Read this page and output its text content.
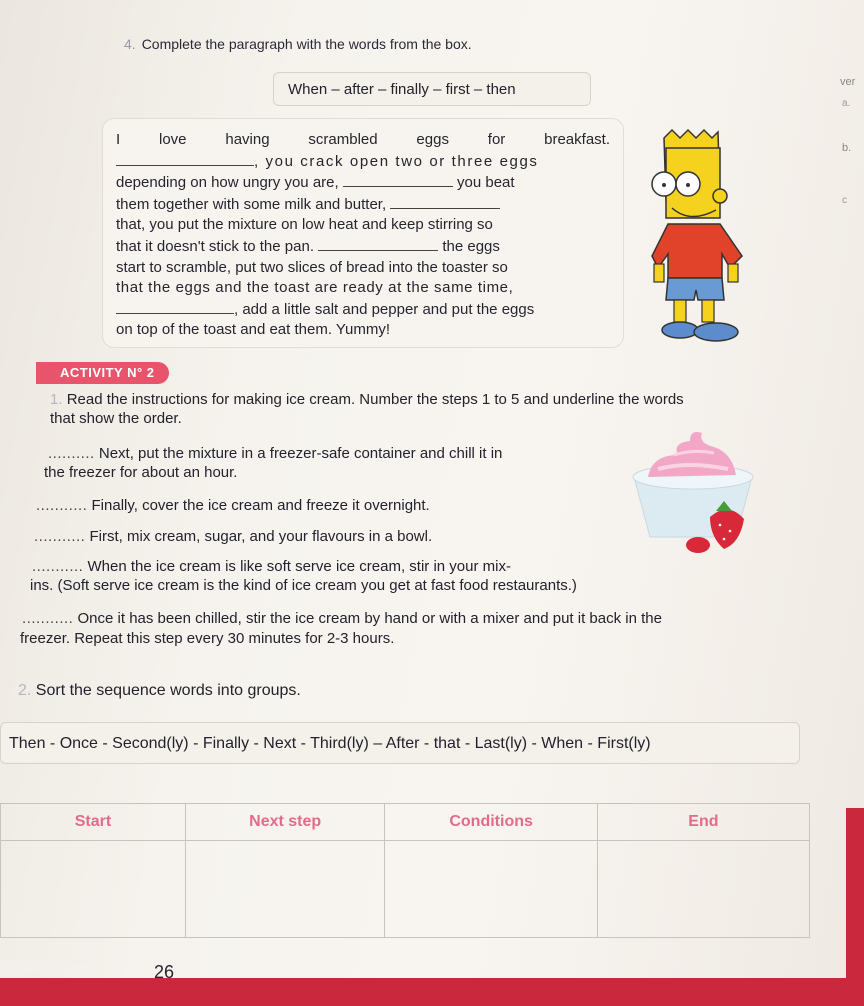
4. Complete the paragraph with the words from the box.
When – after – finally – first – then	ver
a.
b.
c
I love having scrambled eggs for breakfast.
, you crack open two or three eggs
depending on how ungry you are,	you beat
them together with some milk and butter,
that, you put the mixture on low heat and keep stirring so
that it doesn't stick to the pan.	the eggs
start to scramble, put two slices of bread into the toaster so
that the eggs and the toast are ready at the same time,
, add a little salt and pepper and put the eggs
on top of the toast and eat them. Yummy!
ACTIVITY N° 2
1. Read the instructions for making ice cream. Number the steps 1 to 5 and underline the words
that show the order.
.......... Next, put the mixture in a freezer-safe container and chill it in
the freezer for about an hour.
........... Finally, cover the ice cream and freeze it overnight.
........... First, mix cream, sugar, and your flavours in a bowl.
........... When the ice cream is like soft serve ice cream, stir in your mix-
ins. (Soft serve ice cream is the kind of ice cream you get at fast food restaurants.)
........... Once it has been chilled, stir the ice cream by hand or with a mixer and put it back in the
freezer. Repeat this step every 30 minutes for 2-3 hours.
2. Sort the sequence words into groups.
Then - Once - Second(ly) - Finally - Next - Third(ly) – After - that - Last(ly) - When - First(ly)
Start	Next step	Conditions	End

26
